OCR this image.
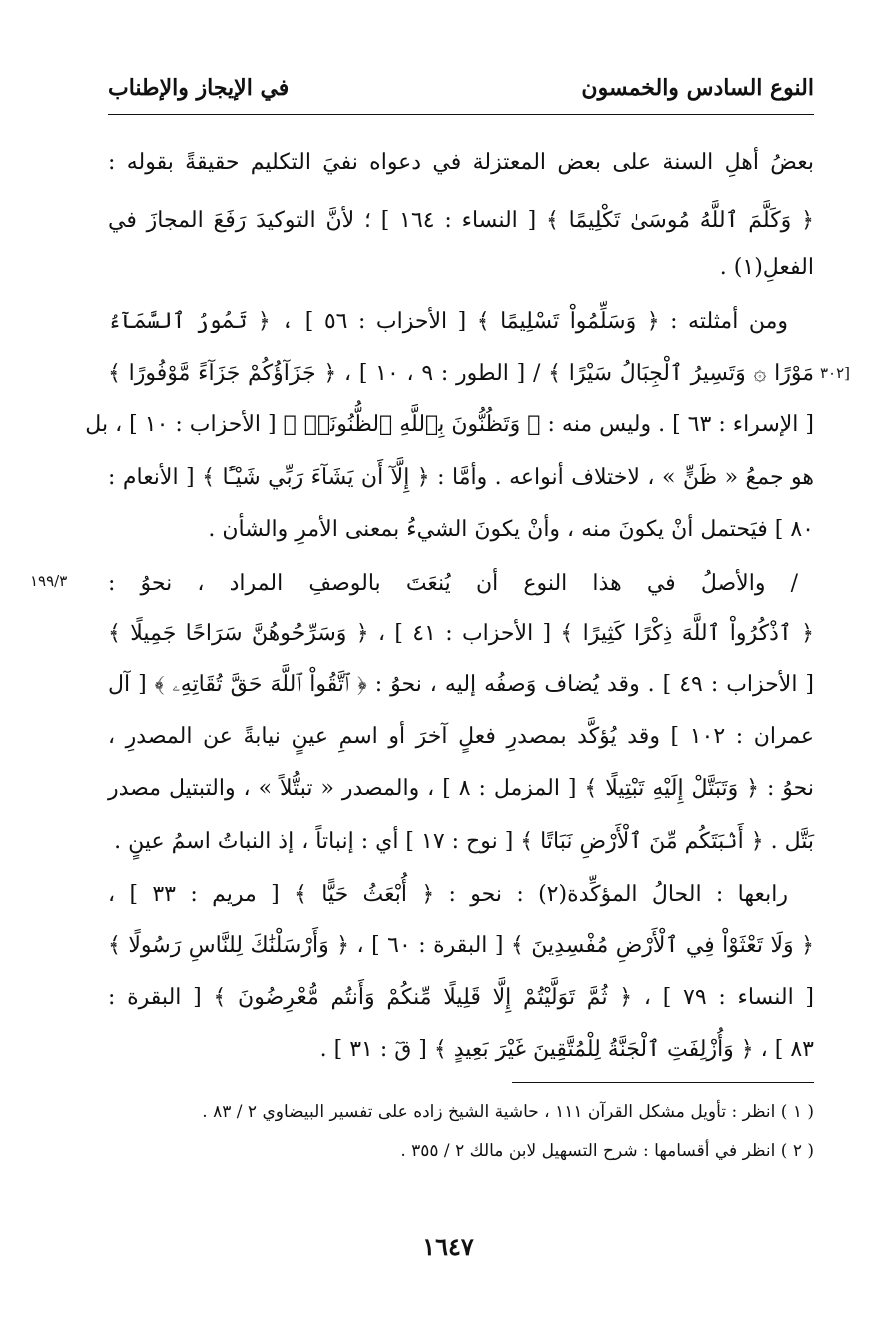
النوع السادس والخمسون
في الإيجاز والإطناب
بعضُ أهلِ السنة على بعض المعتزلة في دعواه نفيَ التكليم حقيقةً بقوله :
﴿ وَكَلَّمَ ٱللَّهُ مُوسَىٰ تَكْلِيمًا ﴾ [ النساء : ١٦٤ ] ؛ لأنَّ التوكيدَ رَفَعَ المجازَ في
الفعلِ(١) .
ومن أمثلته : ﴿ وَسَلِّمُواْ تَسْلِيمًا ﴾ [ الأحزاب : ٥٦ ] ، ﴿ تَمُورُ ٱلسَّمَآءُ
مَوْرًا ۞ وَتَسِيرُ ٱلْجِبَالُ سَيْرًا ﴾ / [ الطور : ٩ ، ١٠ ] ، ﴿ جَزَآؤُكُمْ جَزَآءً مَّوْفُورًا ﴾
[ الإسراء : ٦٣ ] . وليس منه : ﴿ وَتَظُنُّونَ بِٱللَّهِ ٱلظُّنُونَا۠ ﴾ [ الأحزاب : ١٠ ] ، بل
هو جمعُ « ظَنٍّ » ، لاختلاف أنواعه . وأمَّا : ﴿ إِلَّآ أَن يَشَآءَ رَبِّي شَيْـًٔا ﴾ [ الأنعام :
٨٠ ] فيَحتمل أنْ يكونَ منه ، وأنْ يكونَ الشيءُ بمعنى الأمرِ والشأن .
/ والأصلُ في هذا النوع أن يُنعَتَ بالوصفِ المراد ، نحوُ :
﴿ ٱذْكُرُواْ ٱللَّهَ ذِكْرًا كَثِيرًا ﴾ [ الأحزاب : ٤١ ] ، ﴿ وَسَرِّحُوهُنَّ سَرَاحًا جَمِيلًا ﴾
[ الأحزاب : ٤٩ ] . وقد يُضاف وَصفُه إليه ، نحوُ : ﴿ ٱتَّقُواْ ٱللَّهَ حَقَّ تُقَاتِهِۦ ﴾ [ آل
عمران : ١٠٢ ] وقد يُؤكَّد بمصدرِ فعلٍ آخرَ أو اسمِ عينٍ نيابةً عن المصدرِ ،
نحوُ : ﴿ وَتَبَتَّلْ إِلَيْهِ تَبْتِيلًا ﴾ [ المزمل : ٨ ] ، والمصدر « تبتُّلاً » ، والتبتيل مصدر
بَتَّل . ﴿ أَنۢبَتَكُم مِّنَ ٱلْأَرْضِ نَبَاتًا ﴾ [ نوح : ١٧ ] أي : إنباتاً ، إذ النباتُ اسمُ عينٍ .
رابعها : الحالُ المؤكِّدة(٢) : نحو : ﴿ أُبْعَثُ حَيًّا ﴾ [ مريم : ٣٣ ] ،
﴿ وَلَا تَعْثَوْاْ فِي ٱلْأَرْضِ مُفْسِدِينَ ﴾ [ البقرة : ٦٠ ] ، ﴿ وَأَرْسَلْنَٰكَ لِلنَّاسِ رَسُولًا ﴾
[ النساء : ٧٩ ] ، ﴿ ثُمَّ تَوَلَّيْتُمْ إِلَّا قَلِيلًا مِّنكُمْ وَأَنتُم مُّعْرِضُونَ ﴾ [ البقرة :
٨٣ ] ، ﴿ وَأُزْلِفَتِ ٱلْجَنَّةُ لِلْمُتَّقِينَ غَيْرَ بَعِيدٍ ﴾ [ قٓ : ٣١ ] .
[٣٠٢
١٩٩/٣
( ١ ) انظر : تأويل مشكل القرآن ١١١ ، حاشية الشيخ زاده على تفسير البيضاوي ٢ / ٨٣ .
( ٢ ) انظر في أقسامها : شرح التسهيل لابن مالك ٢ / ٣٥٥ .
١٦٤٧
